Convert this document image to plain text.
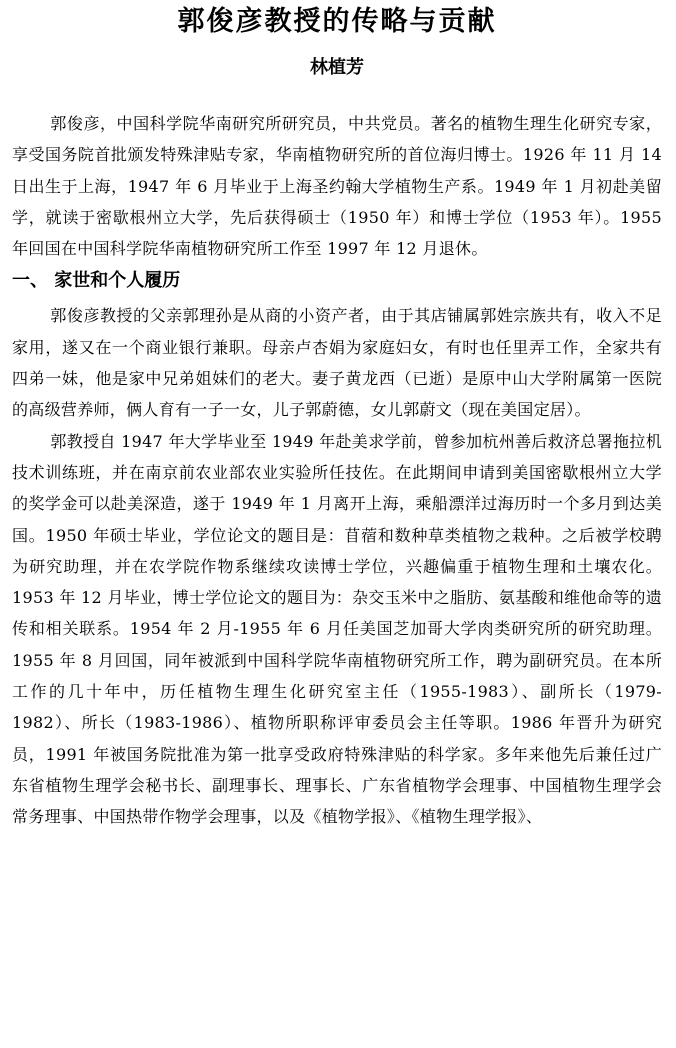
郭俊彦教授的传略与贡献
林植芳

郭俊彦，中国科学院华南研究所研究员，中共党员。著名的植物生理生化研究专家，享受国务院首批颁发特殊津贴专家，华南植物研究所的首位海归博士。1926 年 11 月 14 日出生于上海，1947 年 6 月毕业于上海圣约翰大学植物生产系。1949 年 1 月初赴美留学，就读于密歇根州立大学，先后获得硕士（1950 年）和博士学位（1953 年）。1955 年回国在中国科学院华南植物研究所工作至 1997 年 12 月退休。

一、 家世和个人履历

郭俊彦教授的父亲郭理孙是从商的小资产者，由于其店铺属郭姓宗族共有，收入不足家用，遂又在一个商业银行兼职。母亲卢杏娟为家庭妇女，有时也任里弄工作，全家共有四弟一妹，他是家中兄弟姐妹们的老大。妻子黄龙西（已逝）是原中山大学附属第一医院的高级营养师，俩人育有一子一女，儿子郭蔚德，女儿郭蔚文（现在美国定居）。

郭教授自 1947 年大学毕业至 1949 年赴美求学前，曾参加杭州善后救济总署拖拉机技术训练班，并在南京前农业部农业实验所任技佐。在此期间申请到美国密歇根州立大学的奖学金可以赴美深造，遂于 1949 年 1 月离开上海，乘船漂洋过海历时一个多月到达美国。1950 年硕士毕业，学位论文的题目是：苜蓿和数种草类植物之栽种。之后被学校聘为研究助理，并在农学院作物系继续攻读博士学位，兴趣偏重于植物生理和土壤农化。1953 年 12 月毕业，博士学位论文的题目为：杂交玉米中之脂肪、氨基酸和维他命等的遗传和相关联系。1954 年 2 月-1955 年 6 月任美国芝加哥大学肉类研究所的研究助理。1955 年 8 月回国，同年被派到中国科学院华南植物研究所工作，聘为副研究员。在本所工作的几十年中，历任植物生理生化研究室主任（1955-1983）、副所长（1979-1982）、所长（1983-1986）、植物所职称评审委员会主任等职。1986 年晋升为研究员，1991 年被国务院批准为第一批享受政府特殊津贴的科学家。多年来他先后兼任过广东省植物生理学会秘书长、副理事长、理事长、广东省植物学会理事、中国植物生理学会常务理事、中国热带作物学会理事，以及《植物学报》、《植物生理学报》、
